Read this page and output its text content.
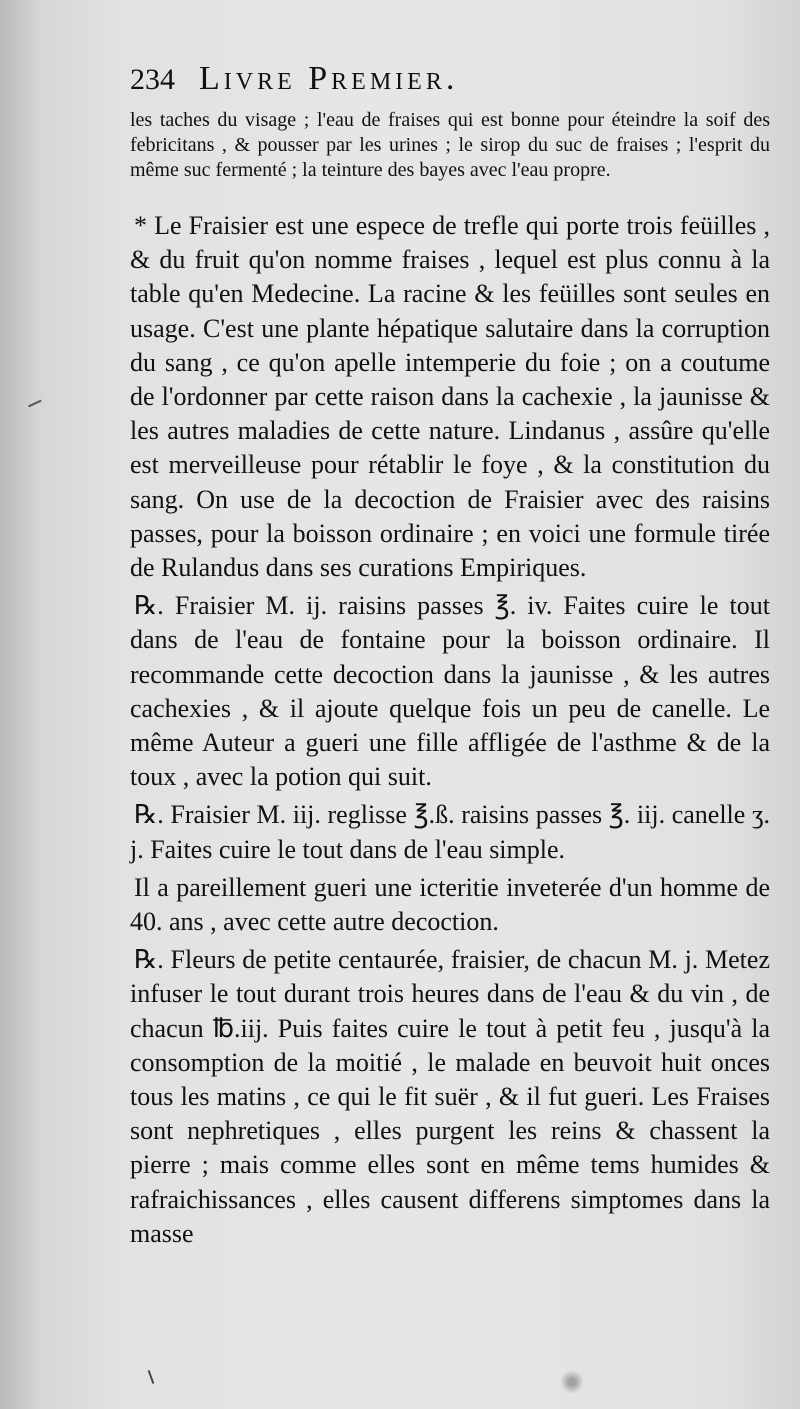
234 Livre Premier.

les taches du visage ; l'eau de fraises qui est bonne pour éteindre la soif des febricitans , & pousser par les urines ; le sirop du suc de fraises ; l'esprit du même suc fermenté ; la teinture des bayes avec l'eau propre.

* Le Fraisier est une espece de trefle qui porte trois feüilles , & du fruit qu'on nomme fraises , lequel est plus connu à la table qu'en Medecine. La racine & les feüilles sont seules en usage. C'est une plante hépatique salutaire dans la corruption du sang , ce qu'on apelle intemperie du foie ; on a coutume de l'ordonner par cette raison dans la cachexie , la jaunisse & les autres maladies de cette nature. Lindanus , assûre qu'elle est merveilleuse pour rétablir le foye , & la constitution du sang. On use de la decoction de Fraisier avec des raisins passes, pour la boisson ordinaire ; en voici une formule tirée de Rulandus dans ses curations Empiriques.

℞. Fraisier M. ij. raisins passes ℥. iv. Faites cuire le tout dans de l'eau de fontaine pour la boisson ordinaire. Il recommande cette decoction dans la jaunisse , & les autres cachexies , & il ajoute quelque fois un peu de canelle. Le même Auteur a gueri une fille affligée de l'asthme & de la toux , avec la potion qui suit.

℞. Fraisier M. iij. reglisse ℥.ß. raisins passes ℥. iij. canelle ʒ. j. Faites cuire le tout dans de l'eau simple.

Il a pareillement gueri une icteritie inveterée d'un homme de 40. ans , avec cette autre decoction.

℞. Fleurs de petite centaurée, fraisier, de chacun M. j. Metez infuser le tout durant trois heures dans de l'eau & du vin , de chacun ℔.iij. Puis faites cuire le tout à petit feu , jusqu'à la consomption de la moitié , le malade en beuvoit huit onces tous les matins , ce qui le fit suër , & il fut gueri. Les Fraises sont nephretiques , elles purgent les reins & chassent la pierre ; mais comme elles sont en même tems humides & rafraichissances , elles causent differens simptomes dans la masse
